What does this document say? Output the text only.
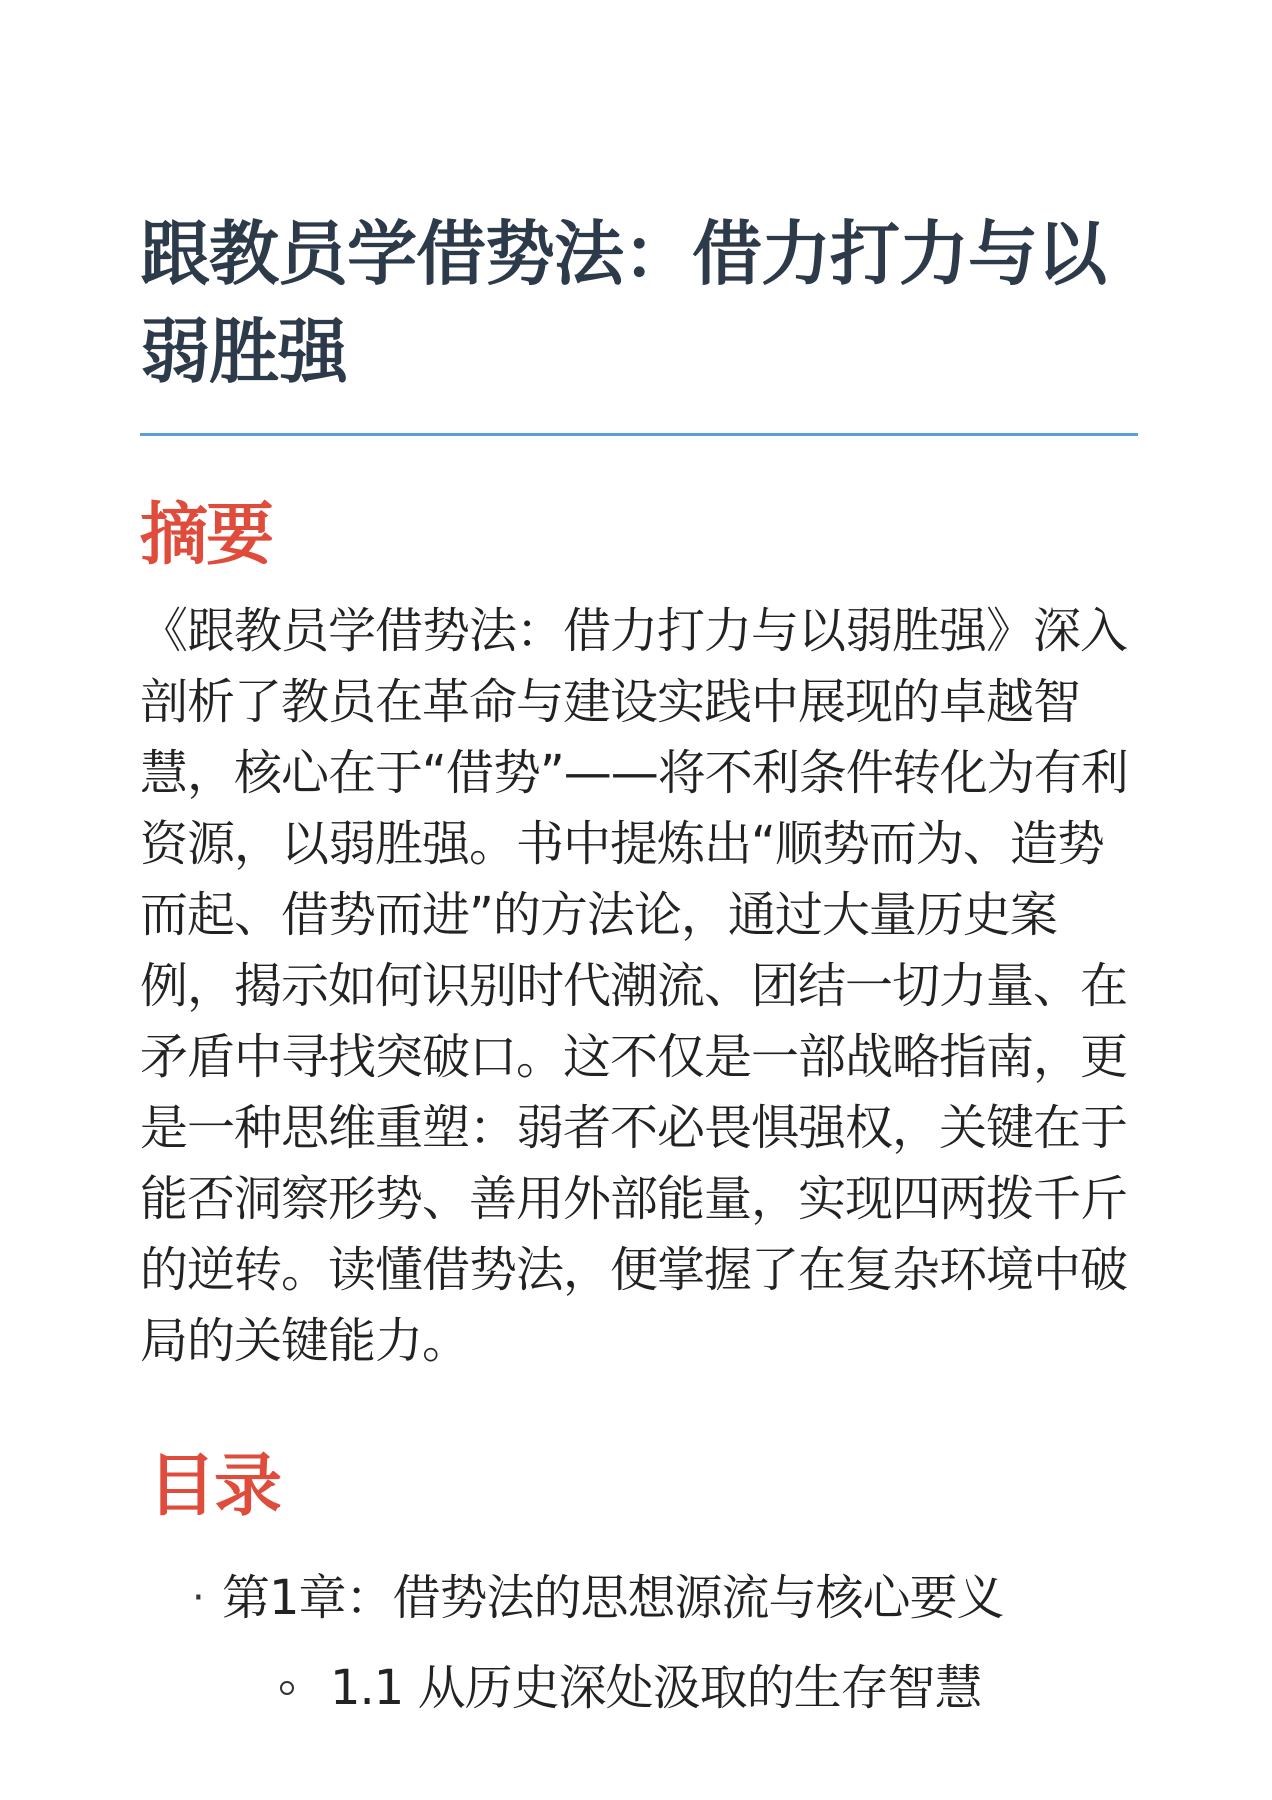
跟教员学借势法：借力打力与以弱胜强
摘要

《跟教员学借势法：借力打力与以弱胜强》深入剖析了教员在革命与建设实践中展现的卓越智慧，核心在于“借势”——将不利条件转化为有利资源，以弱胜强。书中提炼出“顺势而为、造势而起、借势而进”的方法论，通过大量历史案例，揭示如何识别时代潮流、团结一切力量、在矛盾中寻找突破口。这不仅是一部战略指南，更是一种思维重塑：弱者不必畏惧强权，关键在于能否洞察形势、善用外部能量，实现四两拨千斤的逆转。读懂借势法，便掌握了在复杂环境中破局的关键能力。

目录
· 第1章：借势法的思想源流与核心要义
1.1 从历史深处汲取的生存智慧
